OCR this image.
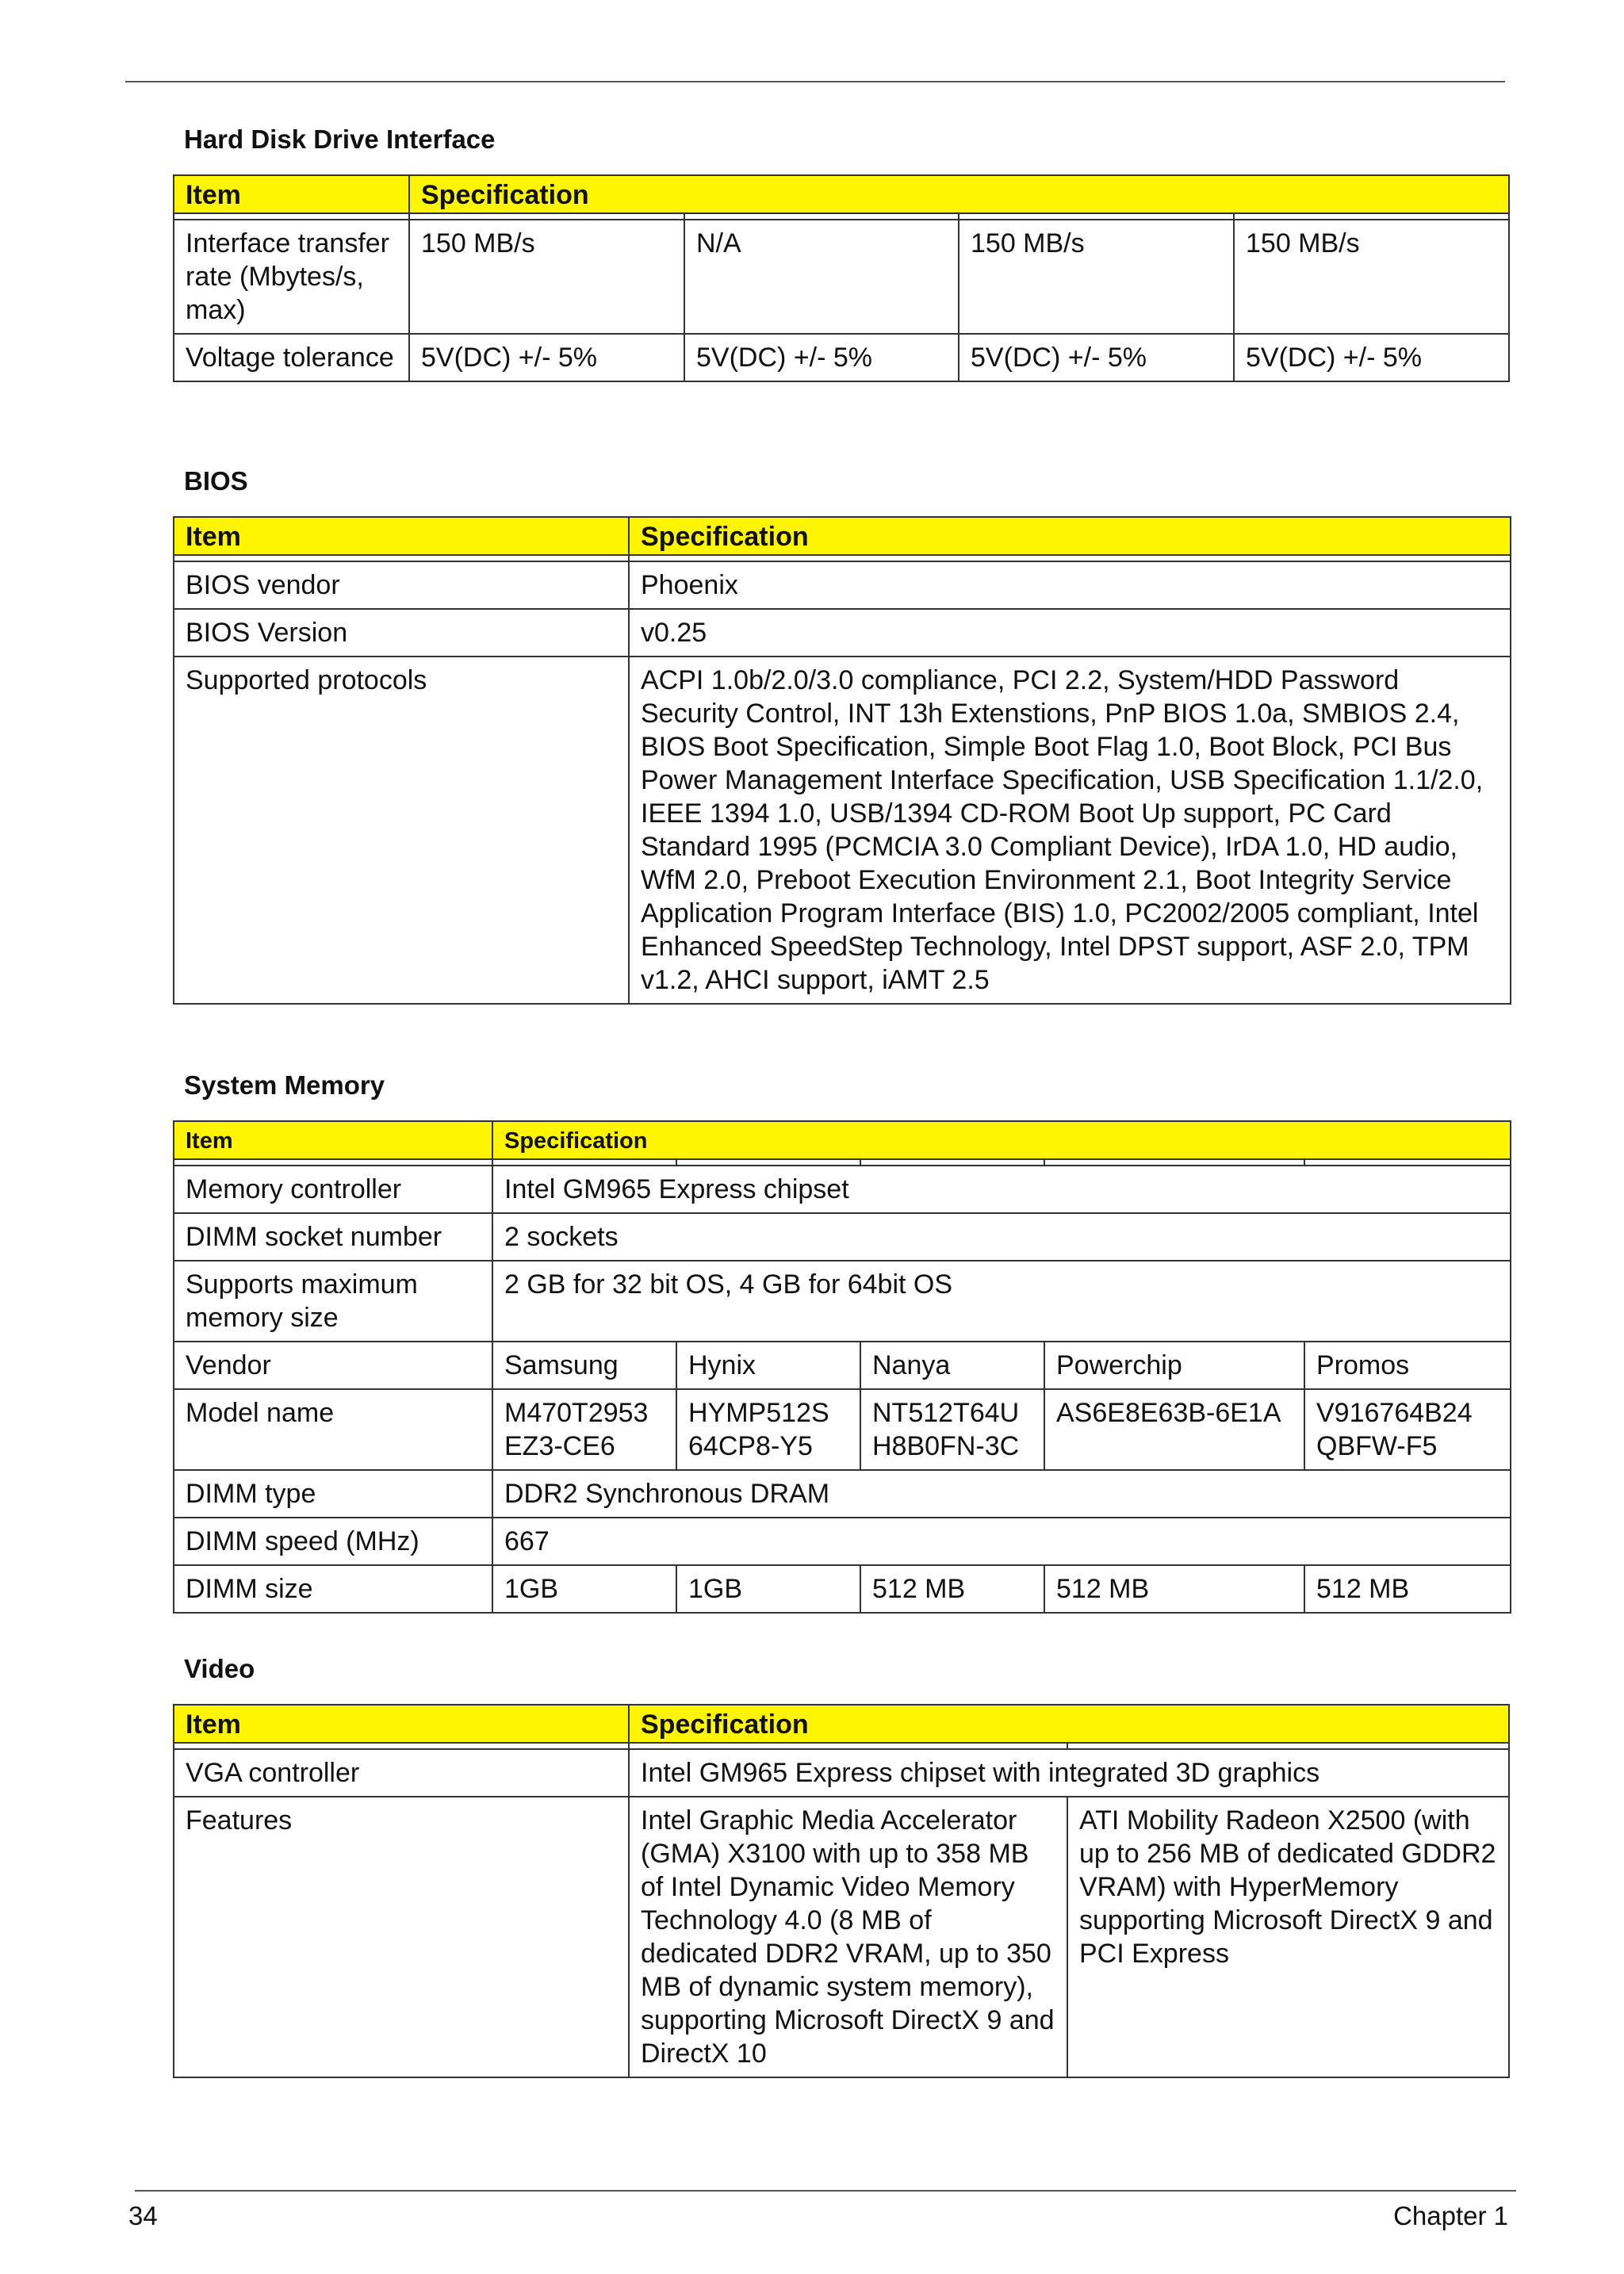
Hard Disk Drive Interface
Item	Specification			

Interface transfer rate (Mbytes/s, max)	150 MB/s	N/A	150 MB/s	150 MB/s
Voltage tolerance	5V(DC) +/- 5%	5V(DC) +/- 5%	5V(DC) +/- 5%	5V(DC) +/- 5%
BIOS
Item	Specification

BIOS vendor	Phoenix
BIOS Version	v0.25
Supported protocols	ACPI 1.0b/2.0/3.0 compliance, PCI 2.2, System/HDD Password Security Control, INT 13h Extenstions, PnP BIOS 1.0a, SMBIOS 2.4, BIOS Boot Specification, Simple Boot Flag 1.0, Boot Block, PCI Bus Power Management Interface Specification, USB Specification 1.1/2.0, IEEE 1394 1.0, USB/1394 CD-ROM Boot Up support, PC Card Standard 1995 (PCMCIA 3.0 Compliant Device), IrDA 1.0, HD audio, WfM 2.0, Preboot Execution Environment 2.1, Boot Integrity Service Application Program Interface (BIS) 1.0, PC2002/2005 compliant, Intel Enhanced SpeedStep Technology, Intel DPST support, ASF 2.0, TPM v1.2, AHCI support, iAMT 2.5
System Memory
Item	Specification				

Memory controller	Intel GM965 Express chipset				
DIMM socket number	2 sockets				
Supports maximum memory size	2 GB for 32 bit OS, 4 GB for 64bit OS				
Vendor	Samsung	Hynix	Nanya	Powerchip	Promos
Model name	M470T2953 EZ3-CE6	HYMP512S 64CP8-Y5	NT512T64U H8B0FN-3C	AS6E8E63B-6E1A	V916764B24 QBFW-F5
DIMM type	DDR2 Synchronous DRAM				
DIMM speed (MHz)	667				
DIMM size	1GB	1GB	512 MB	512 MB	512 MB
Video
Item	Specification	

VGA controller	Intel GM965 Express chipset with integrated 3D graphics	
Features	Intel Graphic Media Accelerator (GMA) X3100 with up to 358 MB of Intel Dynamic Video Memory Technology 4.0 (8 MB of dedicated DDR2 VRAM, up to 350 MB of dynamic system memory), supporting Microsoft DirectX 9 and DirectX 10	ATI Mobility Radeon X2500 (with up to 256 MB of dedicated GDDR2 VRAM) with HyperMemory supporting Microsoft DirectX 9 and PCI Express
34	Chapter 1
